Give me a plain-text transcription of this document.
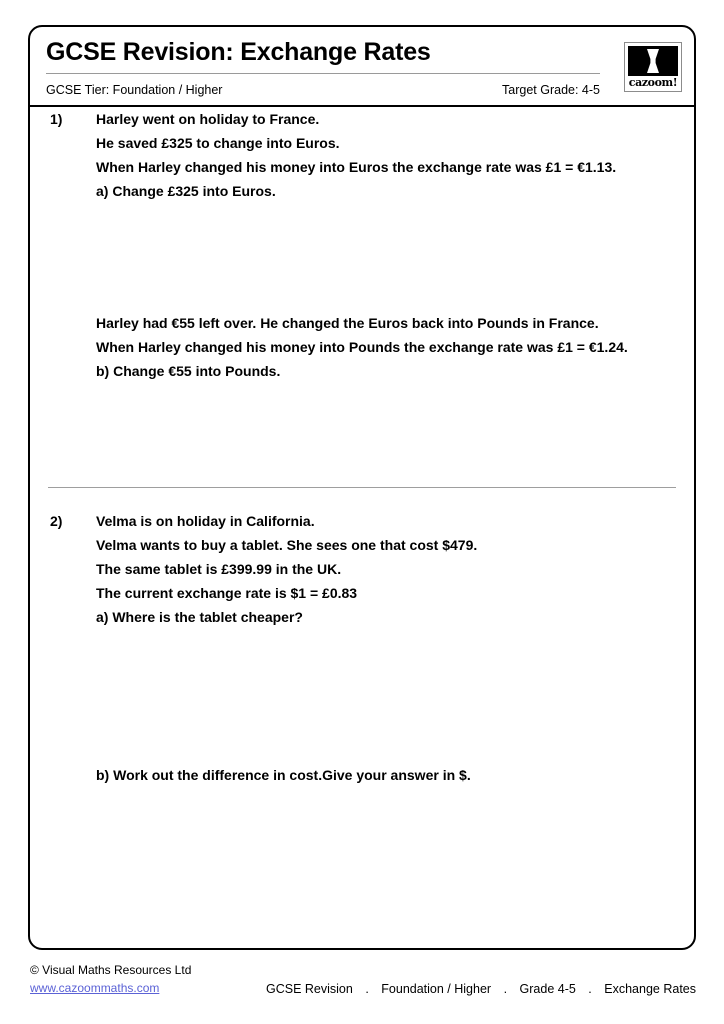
GCSE Revision: Exchange Rates
GCSE Tier: Foundation / Higher	Target Grade: 4-5
cazoom!
1)	Harley went on holiday to France.
He saved £325 to change into Euros.
When Harley changed his money into Euros the exchange rate was £1 = €1.13.
a) Change £325 into Euros.
Harley had €55 left over. He changed the Euros back into Pounds in France.
When Harley changed his money into Pounds the exchange rate was £1 = €1.24.
b) Change €55 into Pounds.
2)	Velma is on holiday in California.
Velma wants to buy a tablet. She sees one that cost $479.
The same tablet is £399.99 in the UK.
The current exchange rate is $1 = £0.83
a) Where is the tablet cheaper?
b) Work out the difference in cost.Give your answer in $.
© Visual Maths Resources Ltd
www.cazoommaths.com	GCSE Revision . Foundation / Higher . Grade 4-5 . Exchange Rates
